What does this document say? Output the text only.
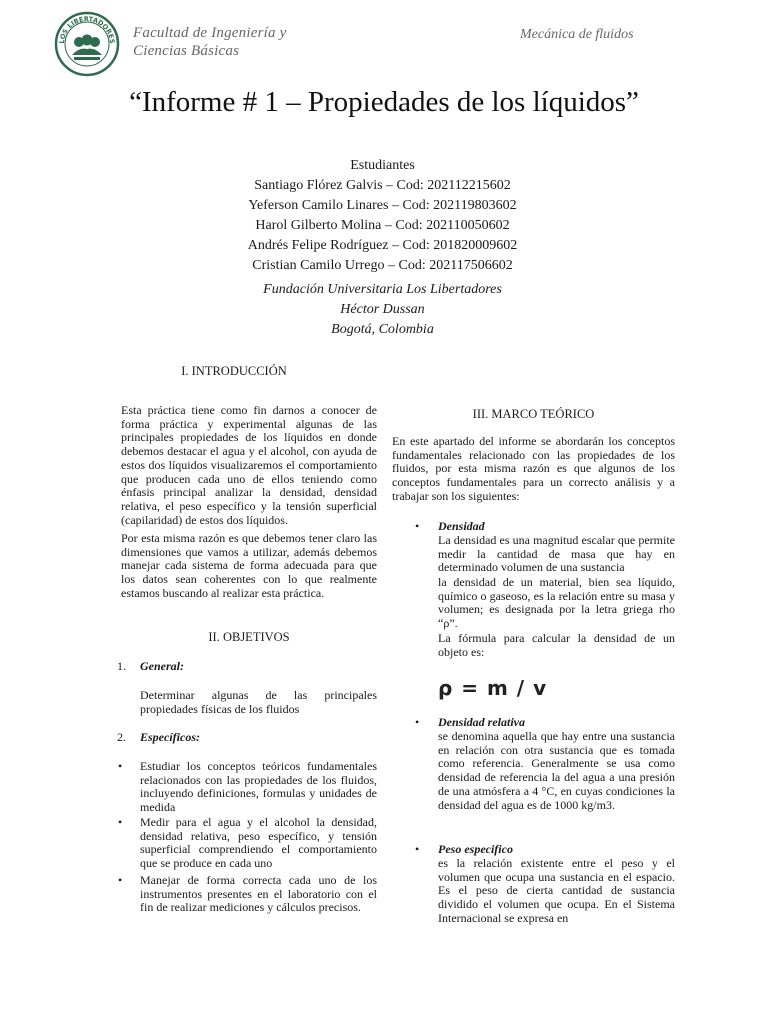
LOS LIBERTADORES
Facultad de Ingeniería y
Ciencias Básicas
Mecánica de fluidos
“Informe # 1 – Propiedades de los líquidos”
Estudiantes
Santiago Flórez Galvis – Cod: 202112215602
Yeferson Camilo Linares – Cod: 202119803602
Harol Gilberto Molina – Cod: 202110050602
Andrés Felipe Rodríguez – Cod: 201820009602
Cristian Camilo Urrego – Cod: 202117506602
Fundación Universitaria Los Libertadores
Héctor Dussan
Bogotá, Colombia
I. INTRODUCCIÓN
Esta práctica tiene como fin darnos a conocer de forma práctica y experimental algunas de las principales propiedades de los líquidos en donde debemos destacar el agua y el alcohol, con ayuda de estos dos líquidos visualizaremos el comportamiento que producen cada uno de ellos teniendo como énfasis principal analizar la densidad, densidad relativa, el peso específico y la tensión superficial (capilaridad) de estos dos líquidos.
Por esta misma razón es que debemos tener claro las dimensiones que vamos a utilizar, además debemos manejar cada sistema de forma adecuada para que los datos sean coherentes con lo que realmente estamos buscando al realizar esta práctica.
II. OBJETIVOS
1. General:
Determinar algunas de las principales propiedades físicas de los fluidos
2. Específicos:
• Estudiar los conceptos teóricos fundamentales relacionados con las propiedades de los fluidos, incluyendo definiciones, formulas y unidades de medida
• Medir para el agua y el alcohol la densidad, densidad relativa, peso específico, y tensión superficial comprendiendo el comportamiento que se produce en cada uno
• Manejar de forma correcta cada uno de los instrumentos presentes en el laboratorio con el fin de realizar mediciones y cálculos precisos.
III. MARCO TEÓRICO
En este apartado del informe se abordarán los conceptos fundamentales relacionado con las propiedades de los fluidos, por esta misma razón es que algunos de los conceptos fundamentales para un correcto análisis y a trabajar son los siguientes:
• Densidad
La densidad es una magnitud escalar que permite medir la cantidad de masa que hay en determinado volumen de una sustancia
la densidad de un material, bien sea líquido, químico o gaseoso, es la relación entre su masa y volumen; es designada por la letra griega rho “ρ”.
La fórmula para calcular la densidad de un objeto es:
ρ = m / v
• Densidad relativa
se denomina aquella que hay entre una sustancia en relación con otra sustancia que es tomada como referencia. Generalmente se usa como densidad de referencia la del agua a una presión de una atmósfera a 4 °C, en cuyas condiciones la densidad del agua es de 1000 kg/m3.
• Peso especifico
es la relación existente entre el peso y el volumen que ocupa una sustancia en el espacio. Es el peso de cierta cantidad de sustancia dividido el volumen que ocupa. En el Sistema Internacional se expresa en
